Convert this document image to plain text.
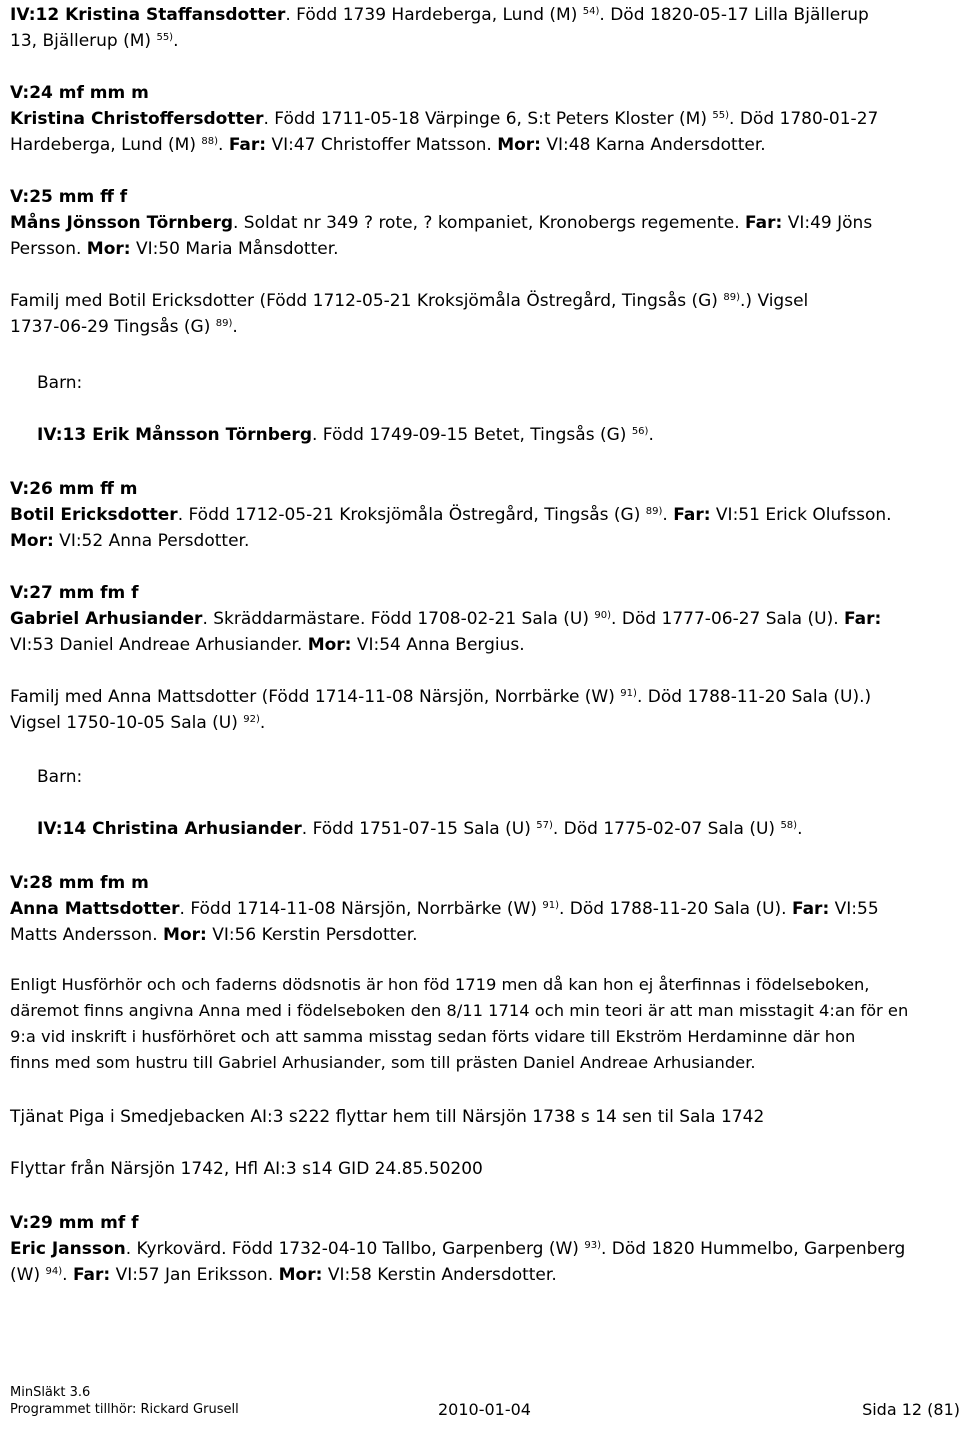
IV:12 Kristina Staffansdotter. Född 1739 Hardeberga, Lund (M) $^{54)}$. Död 1820-05-17 Lilla Bjällerup
13, Bjällerup (M) $^{55)}$.
V:24 mf mm m
Kristina Christoffersdotter. Född 1711-05-18 Värpinge 6, S:t Peters Kloster (M) $^{55)}$. Död 1780-01-27
Hardeberga, Lund (M) $^{88)}$. Far: VI:47 Christoffer Matsson. Mor: VI:48 Karna Andersdotter.
V:25 mm ff f
Måns Jönsson Törnberg. Soldat nr 349 ? rote, ? kompaniet, Kronobergs regemente. Far: VI:49 Jöns
Persson. Mor: VI:50 Maria Månsdotter.
Familj med Botil Ericksdotter (Född 1712-05-21 Kroksjömåla Östregård, Tingsås (G) $^{89)}$.) Vigsel
1737-06-29 Tingsås (G) $^{89)}$.
Barn:
IV:13 Erik Månsson Törnberg. Född 1749-09-15 Betet, Tingsås (G) $^{56)}$.
V:26 mm ff m
Botil Ericksdotter. Född 1712-05-21 Kroksjömåla Östregård, Tingsås (G) $^{89)}$. Far: VI:51 Erick Olufsson.
Mor: VI:52 Anna Persdotter.
V:27 mm fm f
Gabriel Arhusiander. Skräddarmästare. Född 1708-02-21 Sala (U) $^{90)}$. Död 1777-06-27 Sala (U). Far:
VI:53 Daniel Andreae Arhusiander. Mor: VI:54 Anna Bergius.
Familj med Anna Mattsdotter (Född 1714-11-08 Närsjön, Norrbärke (W) $^{91)}$. Död 1788-11-20 Sala (U).)
Vigsel 1750-10-05 Sala (U) $^{92)}$.
Barn:
IV:14 Christina Arhusiander. Född 1751-07-15 Sala (U) $^{57)}$. Död 1775-02-07 Sala (U) $^{58)}$.
V:28 mm fm m
Anna Mattsdotter. Född 1714-11-08 Närsjön, Norrbärke (W) $^{91)}$. Död 1788-11-20 Sala (U). Far: VI:55
Matts Andersson. Mor: VI:56 Kerstin Persdotter.
Enligt Husförhör och och faderns dödsnotis är hon föd 1719 men då kan hon ej återfinnas i födelseboken,
däremot finns angivna Anna med i födelseboken den 8/11 1714 och min teori är att man misstagit 4:an för en
9:a vid inskrift i husförhöret och att samma misstag sedan förts vidare till Ekström Herdaminne där hon
finns med som hustru till Gabriel Arhusiander, som till prästen Daniel Andreae Arhusiander.
Tjänat Piga i Smedjebacken AI:3 s222 flyttar hem till Närsjön 1738 s 14 sen til Sala 1742
Flyttar från Närsjön 1742, Hfl AI:3 s14 GID 24.85.50200
V:29 mm mf f
Eric Jansson. Kyrkovärd. Född 1732-04-10 Tallbo, Garpenberg (W) $^{93)}$. Död 1820 Hummelbo, Garpenberg
(W) $^{94)}$. Far: VI:57 Jan Eriksson. Mor: VI:58 Kerstin Andersdotter.
MinSläkt 3.6
Programmet tillhör: Rickard Grusell	2010-01-04	Sida 12 (81)
